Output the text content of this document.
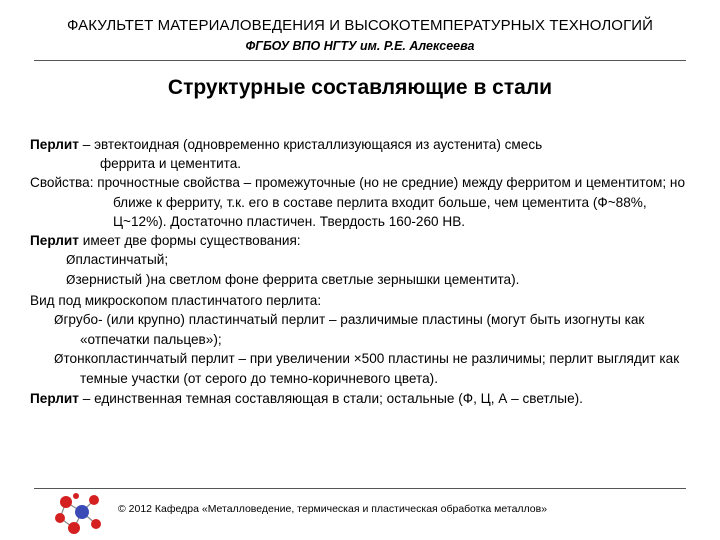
ФАКУЛЬТЕТ МАТЕРИАЛОВЕДЕНИЯ И ВЫСОКОТЕМПЕРАТУРНЫХ ТЕХНОЛОГИЙ
ФГБОУ ВПО НГТУ им. Р.Е. Алексеева
Структурные составляющие в стали

Перлит – эвтектоидная (одновременно кристаллизующаяся из аустенита) смесь

феррита и цементита.

Свойства: прочностные свойства – промежуточные (но не средние) между ферритом и цементитом; но ближе к ферриту, т.к. его в составе перлита входит больше, чем цементита (Ф~88%, Ц~12%). Достаточно пластичен. Твердость 160-260 НВ.

Перлит имеет две формы существования:

Øпластинчатый;

Øзернистый )на светлом фоне феррита светлые зернышки цементита).

Вид под микроскопом пластинчатого перлита:

Øгрубо- (или крупно) пластинчатый перлит – различимые пластины (могут быть изогнуты как «отпечатки пальцев»);

Øтонкопластинчатый перлит – при увеличении ×500 пластины не различимы; перлит выглядит как темные участки (от серого до темно-коричневого цвета).

Перлит – единственная темная составляющая в стали; остальные (Ф, Ц, А – светлые).

© 2012 Кафедра «Металловедение, термическая и пластическая обработка металлов»
